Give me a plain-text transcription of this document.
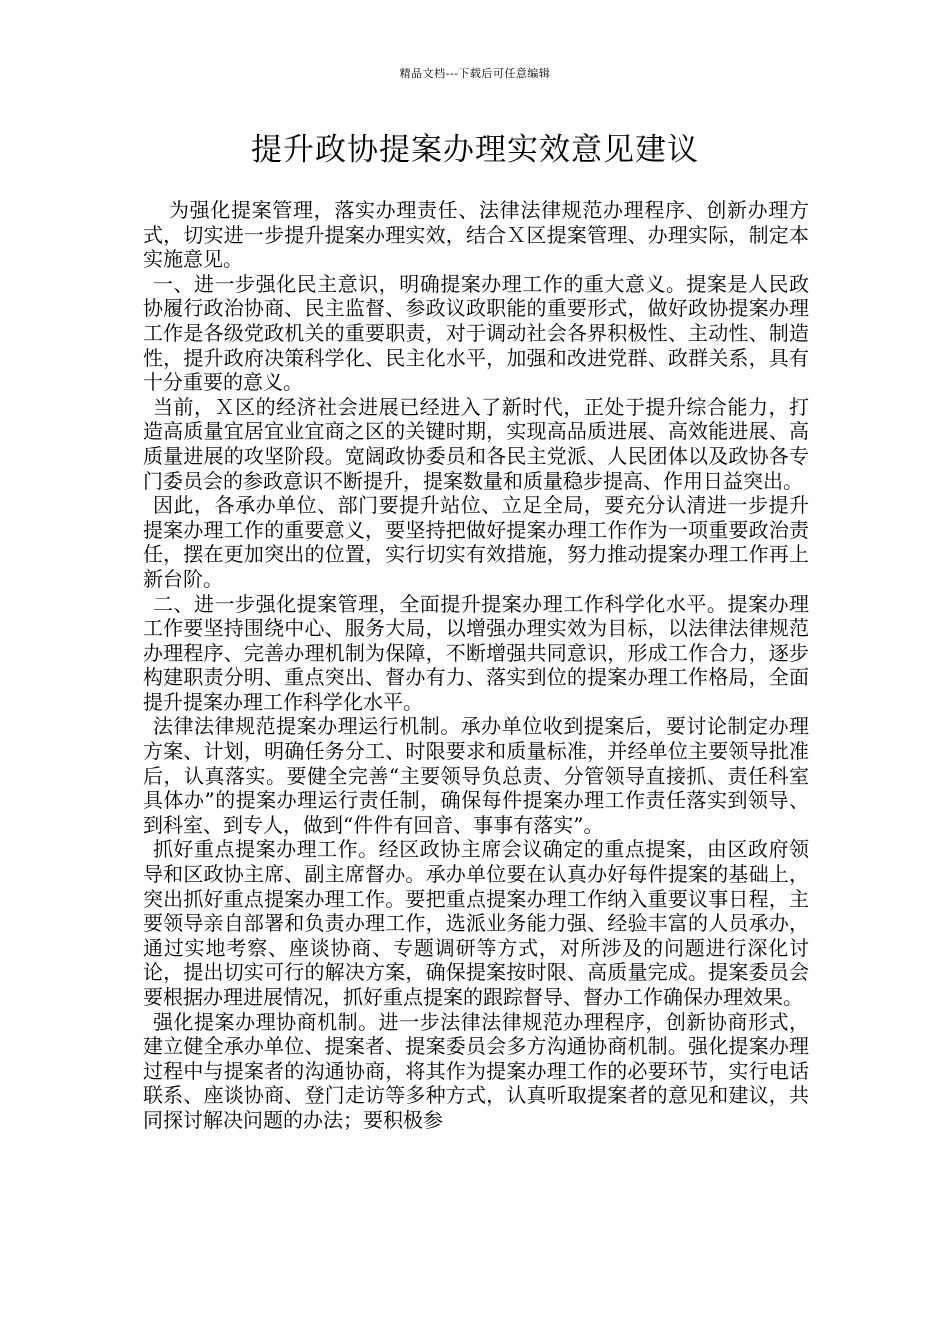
精品文档---下载后可任意编辑
提升政协提案办理实效意见建议

为强化提案管理，落实办理责任、法律法律规范办理程序、创新办理方式，切实进一步提升提案办理实效，结合Ｘ区提案管理、办理实际，制定本实施意见。

一、进一步强化民主意识，明确提案办理工作的重大意义。提案是人民政协履行政治协商、民主监督、参政议政职能的重要形式，做好政协提案办理工作是各级党政机关的重要职责，对于调动社会各界积极性、主动性、制造性，提升政府决策科学化、民主化水平，加强和改进党群、政群关系，具有十分重要的意义。

当前，Ｘ区的经济社会进展已经进入了新时代，正处于提升综合能力，打造高质量宜居宜业宜商之区的关键时期，实现高品质进展、高效能进展、高质量进展的攻坚阶段。宽阔政协委员和各民主党派、人民团体以及政协各专门委员会的参政意识不断提升，提案数量和质量稳步提高、作用日益突出。

因此，各承办单位、部门要提升站位、立足全局，要充分认清进一步提升提案办理工作的重要意义，要坚持把做好提案办理工作作为一项重要政治责任，摆在更加突出的位置，实行切实有效措施，努力推动提案办理工作再上新台阶。

二、进一步强化提案管理，全面提升提案办理工作科学化水平。提案办理工作要坚持围绕中心、服务大局，以增强办理实效为目标，以法律法律规范办理程序、完善办理机制为保障，不断增强共同意识，形成工作合力，逐步构建职责分明、重点突出、督办有力、落实到位的提案办理工作格局，全面提升提案办理工作科学化水平。

法律法律规范提案办理运行机制。承办单位收到提案后，要讨论制定办理方案、计划，明确任务分工、时限要求和质量标准，并经单位主要领导批准后，认真落实。要健全完善“主要领导负总责、分管领导直接抓、责任科室具体办”的提案办理运行责任制，确保每件提案办理工作责任落实到领导、到科室、到专人，做到“件件有回音、事事有落实”。

抓好重点提案办理工作。经区政协主席会议确定的重点提案，由区政府领导和区政协主席、副主席督办。承办单位要在认真办好每件提案的基础上，突出抓好重点提案办理工作。要把重点提案办理工作纳入重要议事日程，主要领导亲自部署和负责办理工作，选派业务能力强、经验丰富的人员承办，通过实地考察、座谈协商、专题调研等方式，对所涉及的问题进行深化讨论，提出切实可行的解决方案，确保提案按时限、高质量完成。提案委员会要根据办理进展情况，抓好重点提案的跟踪督导、督办工作确保办理效果。

强化提案办理协商机制。进一步法律法律规范办理程序，创新协商形式，建立健全承办单位、提案者、提案委员会多方沟通协商机制。强化提案办理过程中与提案者的沟通协商，将其作为提案办理工作的必要环节，实行电话联系、座谈协商、登门走访等多种方式，认真听取提案者的意见和建议，共同探讨解决问题的办法；要积极参
